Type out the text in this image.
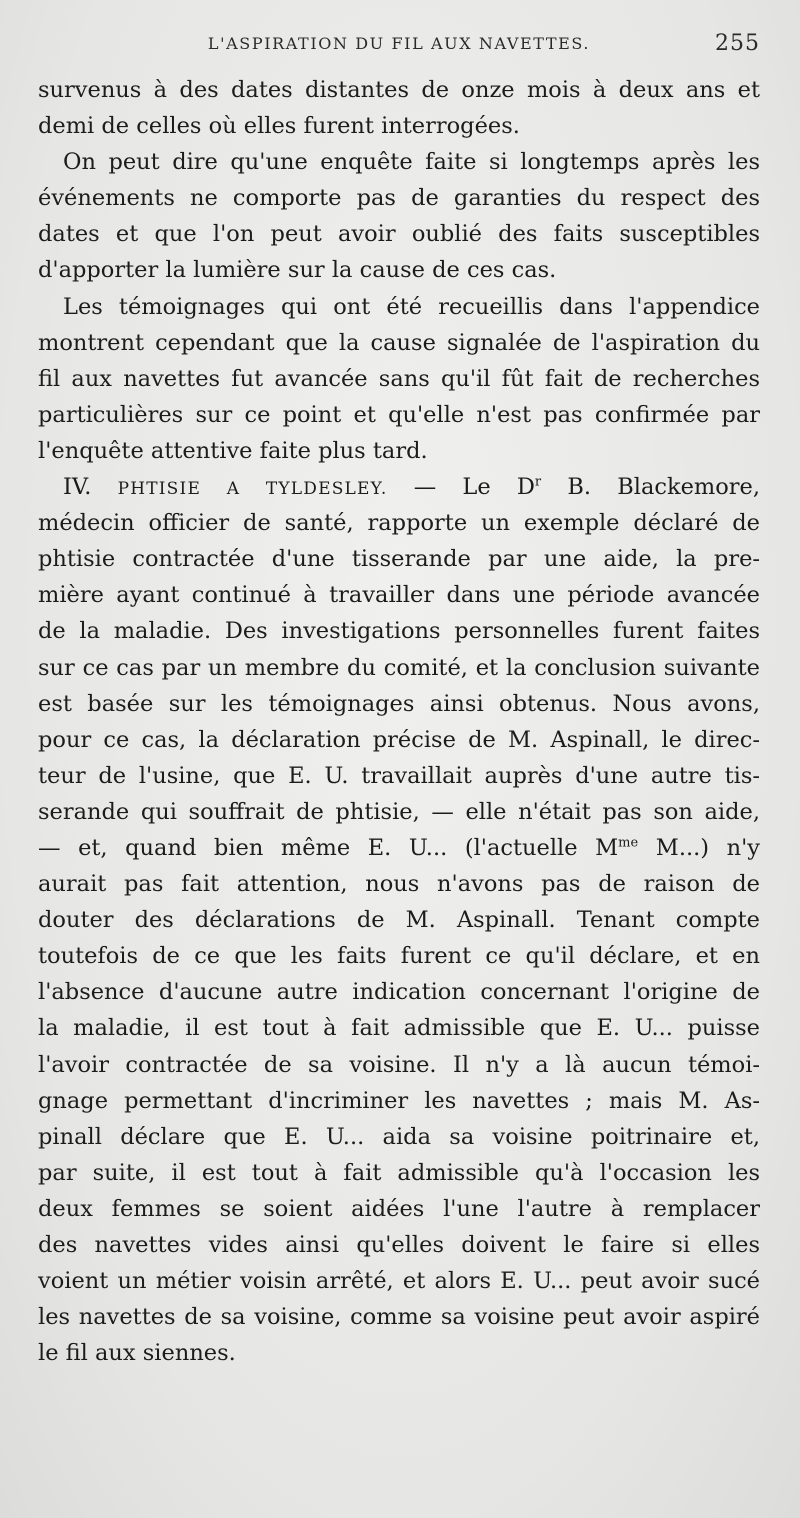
L'ASPIRATION DU FIL AUX NAVETTES.	255
survenus à des dates distantes de onze mois à deux ans et
demi de celles où elles furent interrogées.
On peut dire qu'une enquête faite si longtemps après les
événements ne comporte pas de garanties du respect des
dates et que l'on peut avoir oublié des faits susceptibles
d'apporter la lumière sur la cause de ces cas.
Les témoignages qui ont été recueillis dans l'appendice
montrent cependant que la cause signalée de l'aspiration du
fil aux navettes fut avancée sans qu'il fût fait de recherches
particulières sur ce point et qu'elle n'est pas confirmée par
l'enquête attentive faite plus tard.
IV. PHTISIE A TYLDESLEY. — Le $D^r$ B. Blackemore,
médecin officier de santé, rapporte un exemple déclaré de
phtisie contractée d'une tisserande par une aide, la pre-
mière ayant continué à travailler dans une période avancée
de la maladie. Des investigations personnelles furent faites
sur ce cas par un membre du comité, et la conclusion suivante
est basée sur les témoignages ainsi obtenus. Nous avons,
pour ce cas, la déclaration précise de M. Aspinall, le direc-
teur de l'usine, que E. U. travaillait auprès d'une autre tis-
serande qui souffrait de phtisie, — elle n'était pas son aide,
— et, quand bien même E. U... (l'actuelle $M^{me}$ M...) n'y
aurait pas fait attention, nous n'avons pas de raison de
douter des déclarations de M. Aspinall. Tenant compte
toutefois de ce que les faits furent ce qu'il déclare, et en
l'absence d'aucune autre indication concernant l'origine de
la maladie, il est tout à fait admissible que E. U... puisse
l'avoir contractée de sa voisine. Il n'y a là aucun témoi-
gnage permettant d'incriminer les navettes ; mais M. As-
pinall déclare que E. U... aida sa voisine poitrinaire et,
par suite, il est tout à fait admissible qu'à l'occasion les
deux femmes se soient aidées l'une l'autre à remplacer
des navettes vides ainsi qu'elles doivent le faire si elles
voient un métier voisin arrêté, et alors E. U... peut avoir sucé
les navettes de sa voisine, comme sa voisine peut avoir aspiré
le fil aux siennes.
